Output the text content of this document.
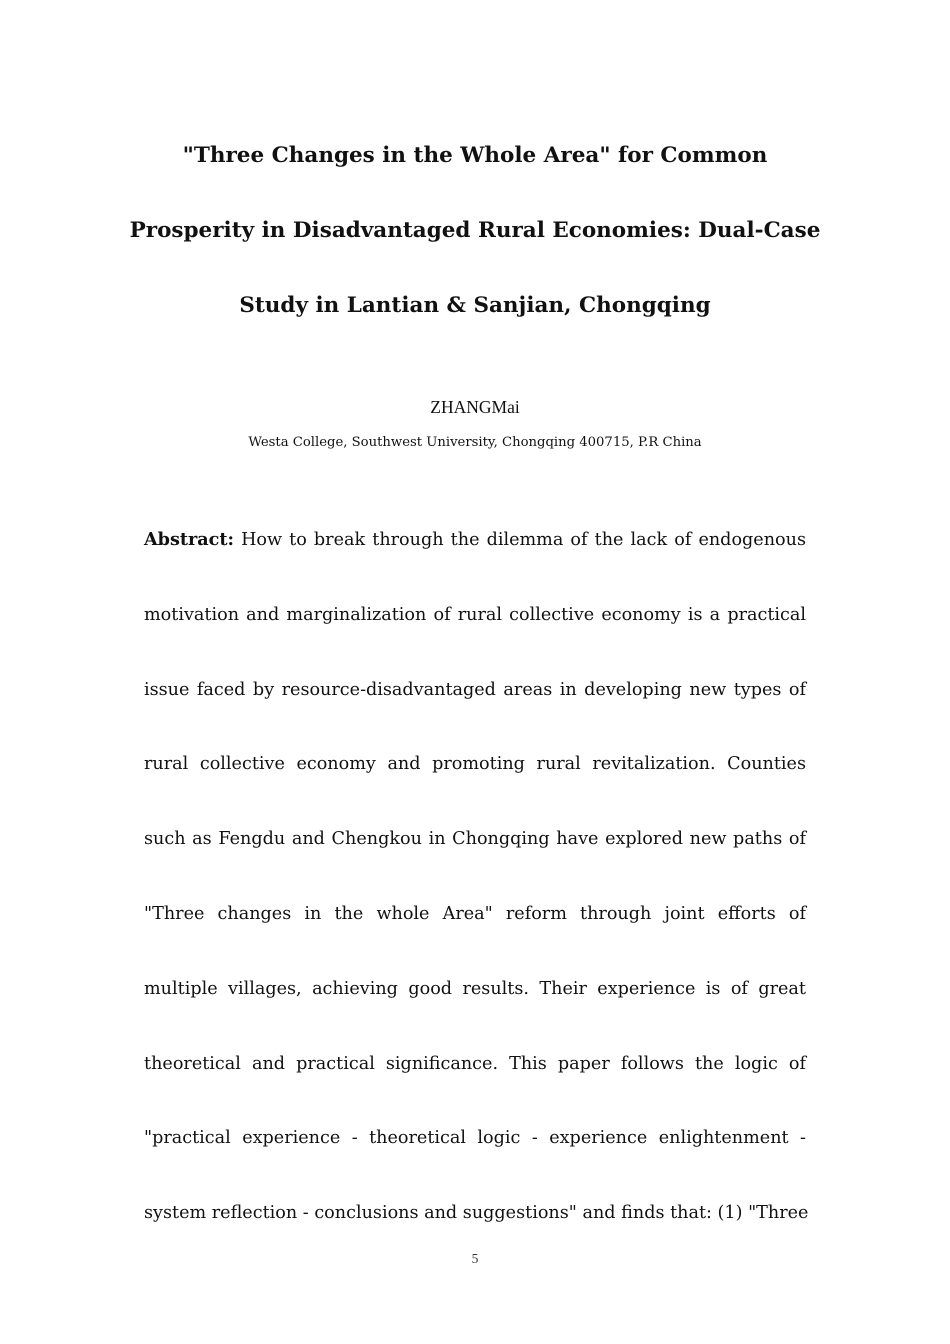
"Three Changes in the Whole Area" for Common
Prosperity in Disadvantaged Rural Economies: Dual-Case
Study in Lantian & Sanjian, Chongqing
ZHANGMai
Westa College, Southwest University, Chongqing 400715, P.R China
Abstract: How to break through the dilemma of the lack of endogenous
motivation and marginalization of rural collective economy is a practical
issue faced by resource-disadvantaged areas in developing new types of
rural collective economy and promoting rural revitalization. Counties
such as Fengdu and Chengkou in Chongqing have explored new paths of
"Three changes in the whole Area" reform through joint efforts of
multiple villages, achieving good results. Their experience is of great
theoretical and practical significance. This paper follows the logic of
"practical experience - theoretical logic - experience enlightenment -
system reflection - conclusions and suggestions" and finds that: (1) "Three
5
